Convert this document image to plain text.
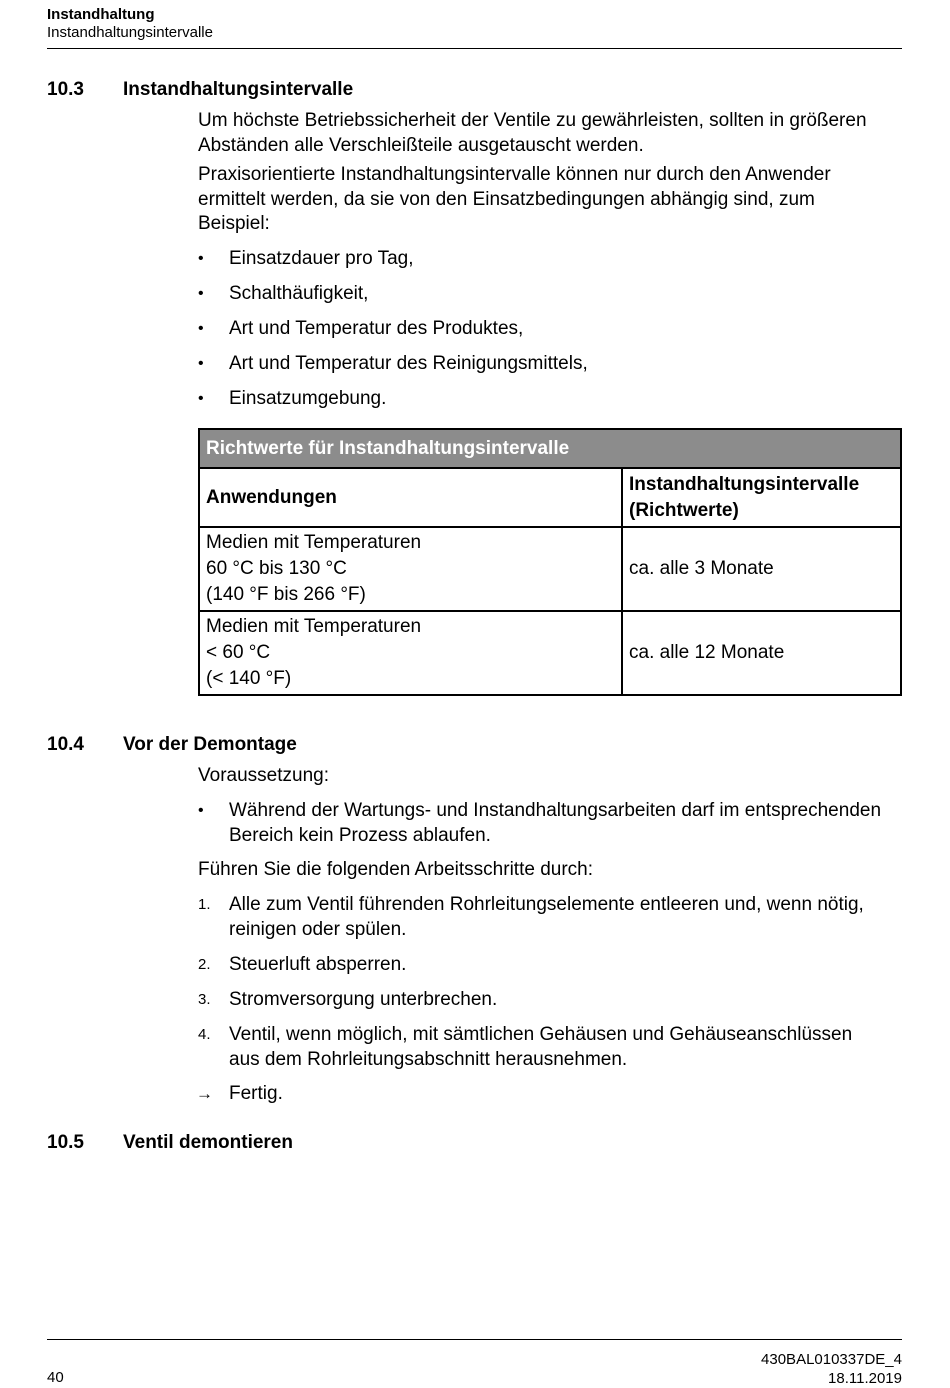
Instandhaltung
Instandhaltungsintervalle
10.3 Instandhaltungsintervalle
Um höchste Betriebssicherheit der Ventile zu gewährleisten, sollten in größeren
Abständen alle Verschleißteile ausgetauscht werden.
Praxisorientierte Instandhaltungsintervalle können nur durch den Anwender
ermittelt werden, da sie von den Einsatzbedingungen abhängig sind, zum
Beispiel:
• Einsatzdauer pro Tag,
• Schalthäufigkeit,
• Art und Temperatur des Produktes,
• Art und Temperatur des Reinigungsmittels,
• Einsatzumgebung.
Richtwerte für Instandhaltungsintervalle	
Anwendungen	Instandhaltungsintervalle
(Richtwerte)

Medien mit Temperaturen
60 °C bis 130 °C
(140 °F bis 266 °F)	ca. alle 3 Monate

Medien mit Temperaturen
< 60 °C
(< 140 °F)	ca. alle 12 Monate
10.4 Vor der Demontage
Voraussetzung:
• Während der Wartungs- und Instandhaltungsarbeiten darf im entsprechenden
Bereich kein Prozess ablaufen.
Führen Sie die folgenden Arbeitsschritte durch:
1. Alle zum Ventil führenden Rohrleitungselemente entleeren und, wenn nötig,
reinigen oder spülen.
2. Steuerluft absperren.
3. Stromversorgung unterbrechen.
4. Ventil, wenn möglich, mit sämtlichen Gehäusen und Gehäuseanschlüssen
aus dem Rohrleitungsabschnitt herausnehmen.
→ Fertig.
10.5 Ventil demontieren
40
430BAL010337DE_4
18.11.2019
